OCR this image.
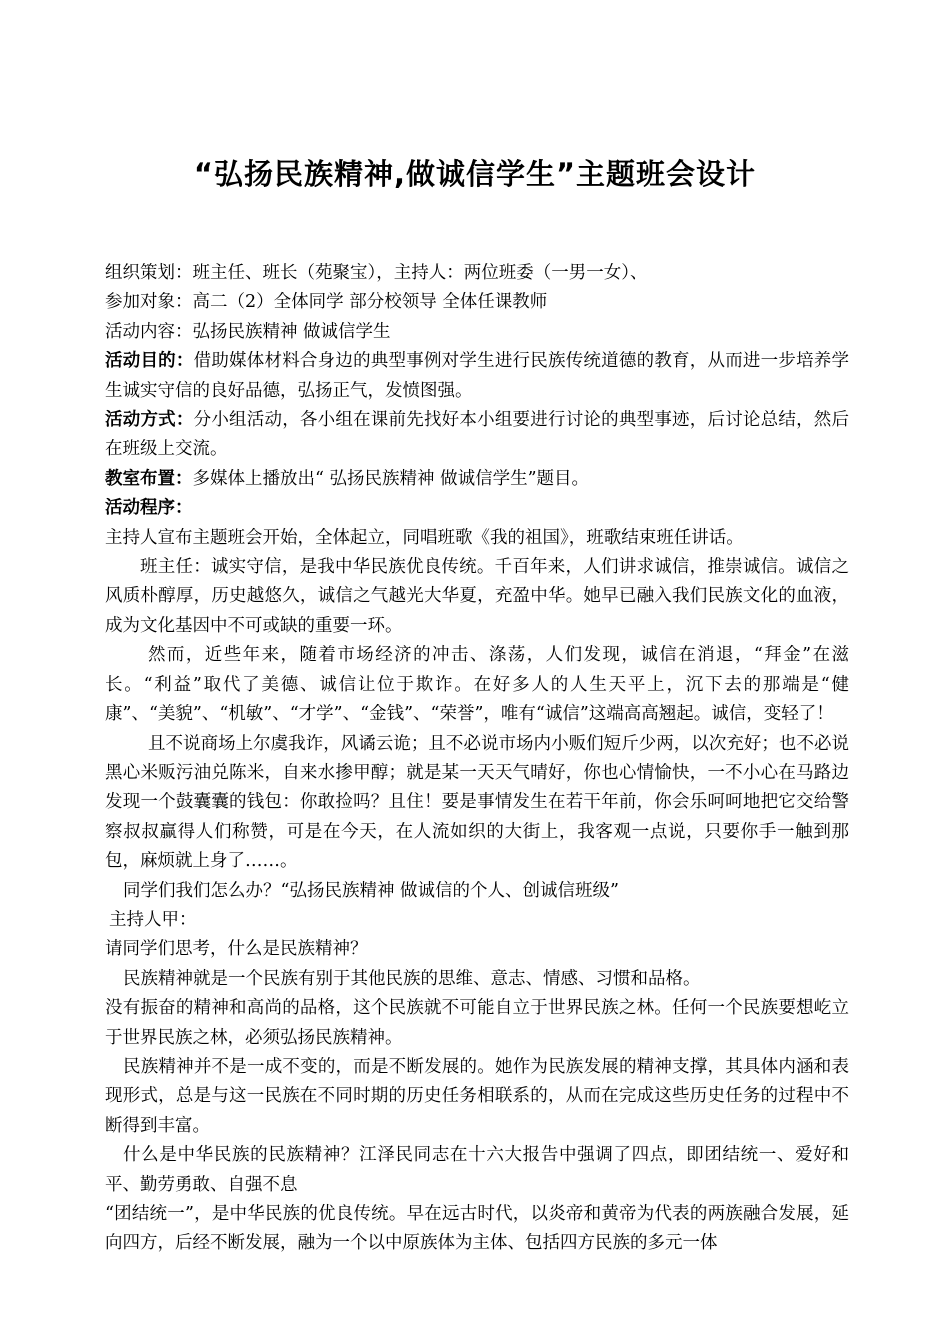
“弘扬民族精神,做诚信学生”主题班会设计

组织策划：班主任、班长（苑聚宝），主持人：两位班委（一男一女）、

参加对象：高二（2）全体同学 部分校领导 全体任课教师

活动内容：弘扬民族精神 做诚信学生

活动目的：借助媒体材料合身边的典型事例对学生进行民族传统道德的教育，从而进一步培养学生诚实守信的良好品德，弘扬正气，发愤图强。

活动方式：分小组活动，各小组在课前先找好本小组要进行讨论的典型事迹，后讨论总结，然后在班级上交流。

教室布置：多媒体上播放出“ 弘扬民族精神 做诚信学生”题目。

活动程序：

主持人宣布主题班会开始，全体起立，同唱班歌《我的祖国》，班歌结束班任讲话。

班主任：诚实守信，是我中华民族优良传统。千百年来，人们讲求诚信，推崇诚信。诚信之风质朴醇厚，历史越悠久，诚信之气越光大华夏，充盈中华。她早已融入我们民族文化的血液，成为文化基因中不可或缺的重要一环。

然而，近些年来，随着市场经济的冲击、涤荡，人们发现，诚信在消退，“拜金”在滋长。“利益”取代了美德、诚信让位于欺诈。在好多人的人生天平上，沉下去的那端是“健康”、“美貌”、“机敏”、“才学”、“金钱”、“荣誉”，唯有“诚信”这端高高翘起。诚信，变轻了！

且不说商场上尔虞我诈，风谲云诡；且不必说市场内小贩们短斤少两，以次充好；也不必说黑心米贩污油兑陈米，自来水掺甲醇；就是某一天天气晴好，你也心情愉快，一不小心在马路边发现一个鼓囊囊的钱包：你敢捡吗？且住！要是事情发生在若干年前，你会乐呵呵地把它交给警察叔叔赢得人们称赞，可是在今天，在人流如织的大街上，我客观一点说，只要你手一触到那包，麻烦就上身了……。

同学们我们怎么办？“弘扬民族精神 做诚信的个人、创诚信班级”

主持人甲：

请同学们思考，什么是民族精神？

民族精神就是一个民族有别于其他民族的思维、意志、情感、习惯和品格。

没有振奋的精神和高尚的品格，这个民族就不可能自立于世界民族之林。任何一个民族要想屹立于世界民族之林，必须弘扬民族精神。

民族精神并不是一成不变的，而是不断发展的。她作为民族发展的精神支撑，其具体内涵和表现形式，总是与这一民族在不同时期的历史任务相联系的，从而在完成这些历史任务的过程中不断得到丰富。

什么是中华民族的民族精神？江泽民同志在十六大报告中强调了四点，即团结统一、爱好和平、勤劳勇敢、自强不息

“团结统一”，是中华民族的优良传统。早在远古时代，以炎帝和黄帝为代表的两族融合发展，延向四方，后经不断发展，融为一个以中原族体为主体、包括四方民族的多元一体
